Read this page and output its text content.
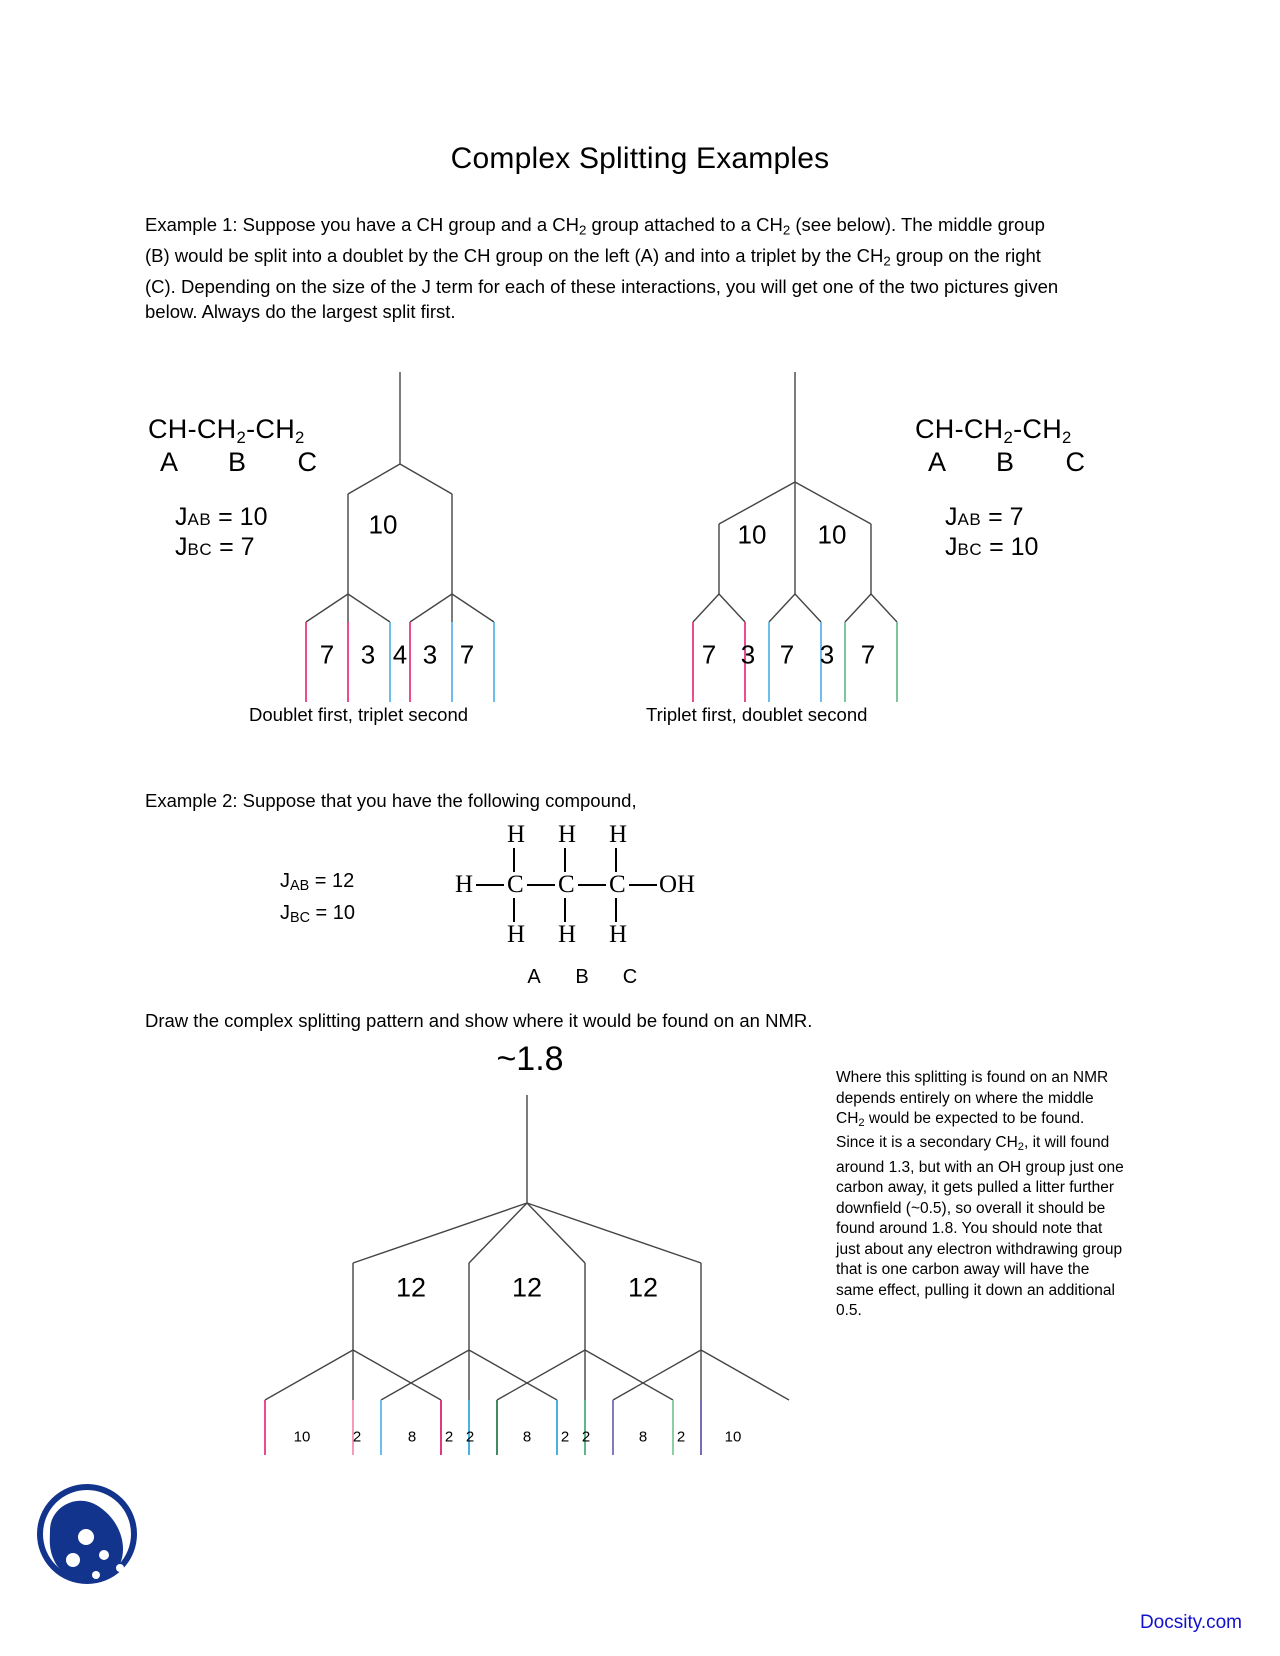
Complex Splitting Examples
Example 1: Suppose you have a CH group and a $CH_2$ group attached to a $CH_2$ (see below). The middle group (B) would be split into a doublet by the CH group on the left (A) and into a triplet by the $CH_2$ group on the right (C). Depending on the size of the J term for each of these interactions, you will get one of the two pictures given below. Always do the largest split first.
$CH-CH_2-CH_2$
A B C
JAB = 10
JBC = 7
$CH-CH_2-CH_2$
A B C
JAB = 7
JBC = 10
10
7 3 4 3 7
10 10
7 3 7 3 7
Doublet first, triplet second	Triplet first, doublet second
Example 2: Suppose that you have the following compound,
JAB = 12
JBC = 10
H H H
H C C C OH
H H H
A B C
Draw the complex splitting pattern and show where it would be found on an NMR.
~1.8
12	12	12
10	2	8 2 2	8 2 2	8 2	10
Where this splitting is found on an NMR depends entirely on where the middle $CH_2$ would be expected to be found. Since it is a secondary $CH_2$, it will found around 1.3, but with an OH group just one carbon away, it gets pulled a litter further downfield (~0.5), so overall it should be found around 1.8. You should note that just about any electron withdrawing group that is one carbon away will have the same effect, pulling it down an additional 0.5.
Docsity.com
